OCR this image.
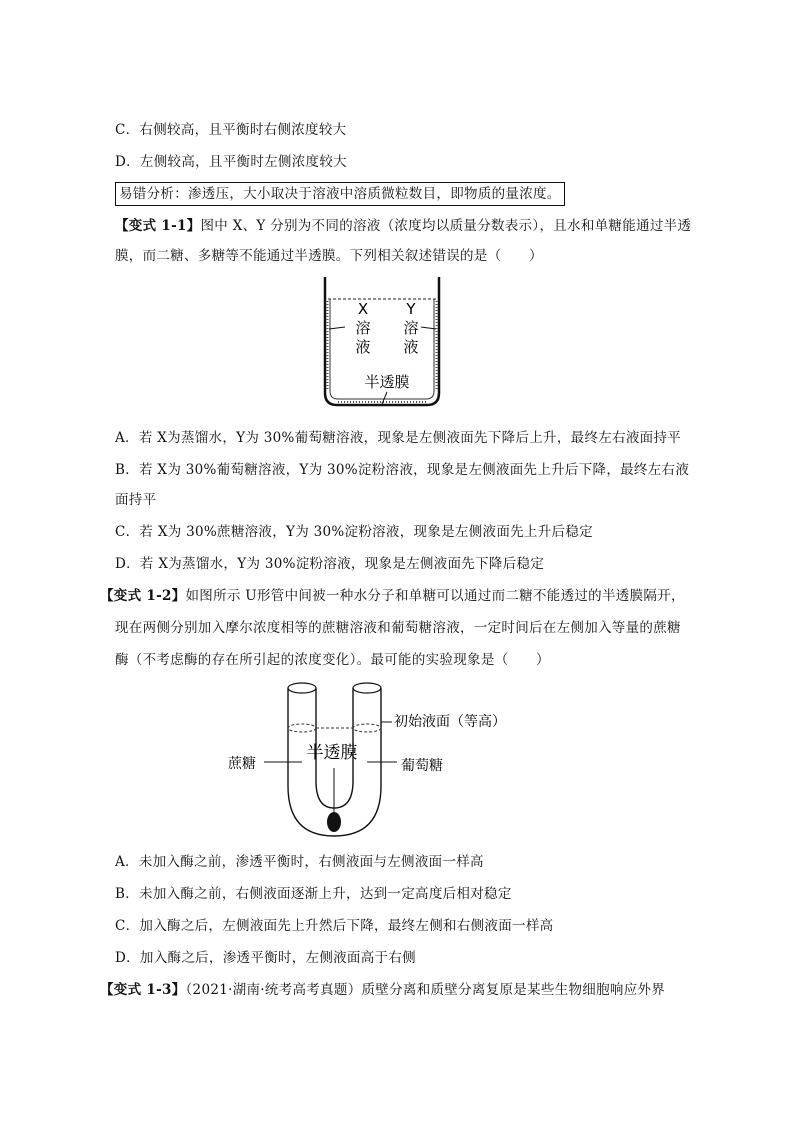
C．右侧较高，且平衡时右侧浓度较大
D．左侧较高，且平衡时左侧浓度较大
易错分析：渗透压，大小取决于溶液中溶质微粒数目，即物质的量浓度。
【变式 1-1】图中 X、Y 分别为不同的溶液（浓度均以质量分数表示），且水和单糖能通过半透
膜，而二糖、多糖等不能通过半透膜。下列相关叙述错误的是（　　）
X
溶
液
Y
溶
液
半透膜
A．若 X为蒸馏水，Y为 30%葡萄糖溶液，现象是左侧液面先下降后上升，最终左右液面持平
B．若 X为 30%葡萄糖溶液，Y为 30%淀粉溶液，现象是左侧液面先上升后下降，最终左右液
面持平
C．若 X为 30%蔗糖溶液，Y为 30%淀粉溶液，现象是左侧液面先上升后稳定
D．若 X为蒸馏水，Y为 30%淀粉溶液，现象是左侧液面先下降后稳定
【变式 1-2】如图所示 U形管中间被一种水分子和单糖可以通过而二糖不能透过的半透膜隔开，
现在两侧分别加入摩尔浓度相等的蔗糖溶液和葡萄糖溶液，一定时间后在左侧加入等量的蔗糖
酶（不考虑酶的存在所引起的浓度变化）。最可能的实验现象是（　　）
初始液面（等高）
半透膜
蔗糖	葡萄糖
A．未加入酶之前，渗透平衡时，右侧液面与左侧液面一样高
B．未加入酶之前，右侧液面逐渐上升，达到一定高度后相对稳定
C．加入酶之后，左侧液面先上升然后下降，最终左侧和右侧液面一样高
D．加入酶之后，渗透平衡时，左侧液面高于右侧
【变式 1-3】（2021·湖南·统考高考真题）质壁分离和质壁分离复原是某些生物细胞响应外界
